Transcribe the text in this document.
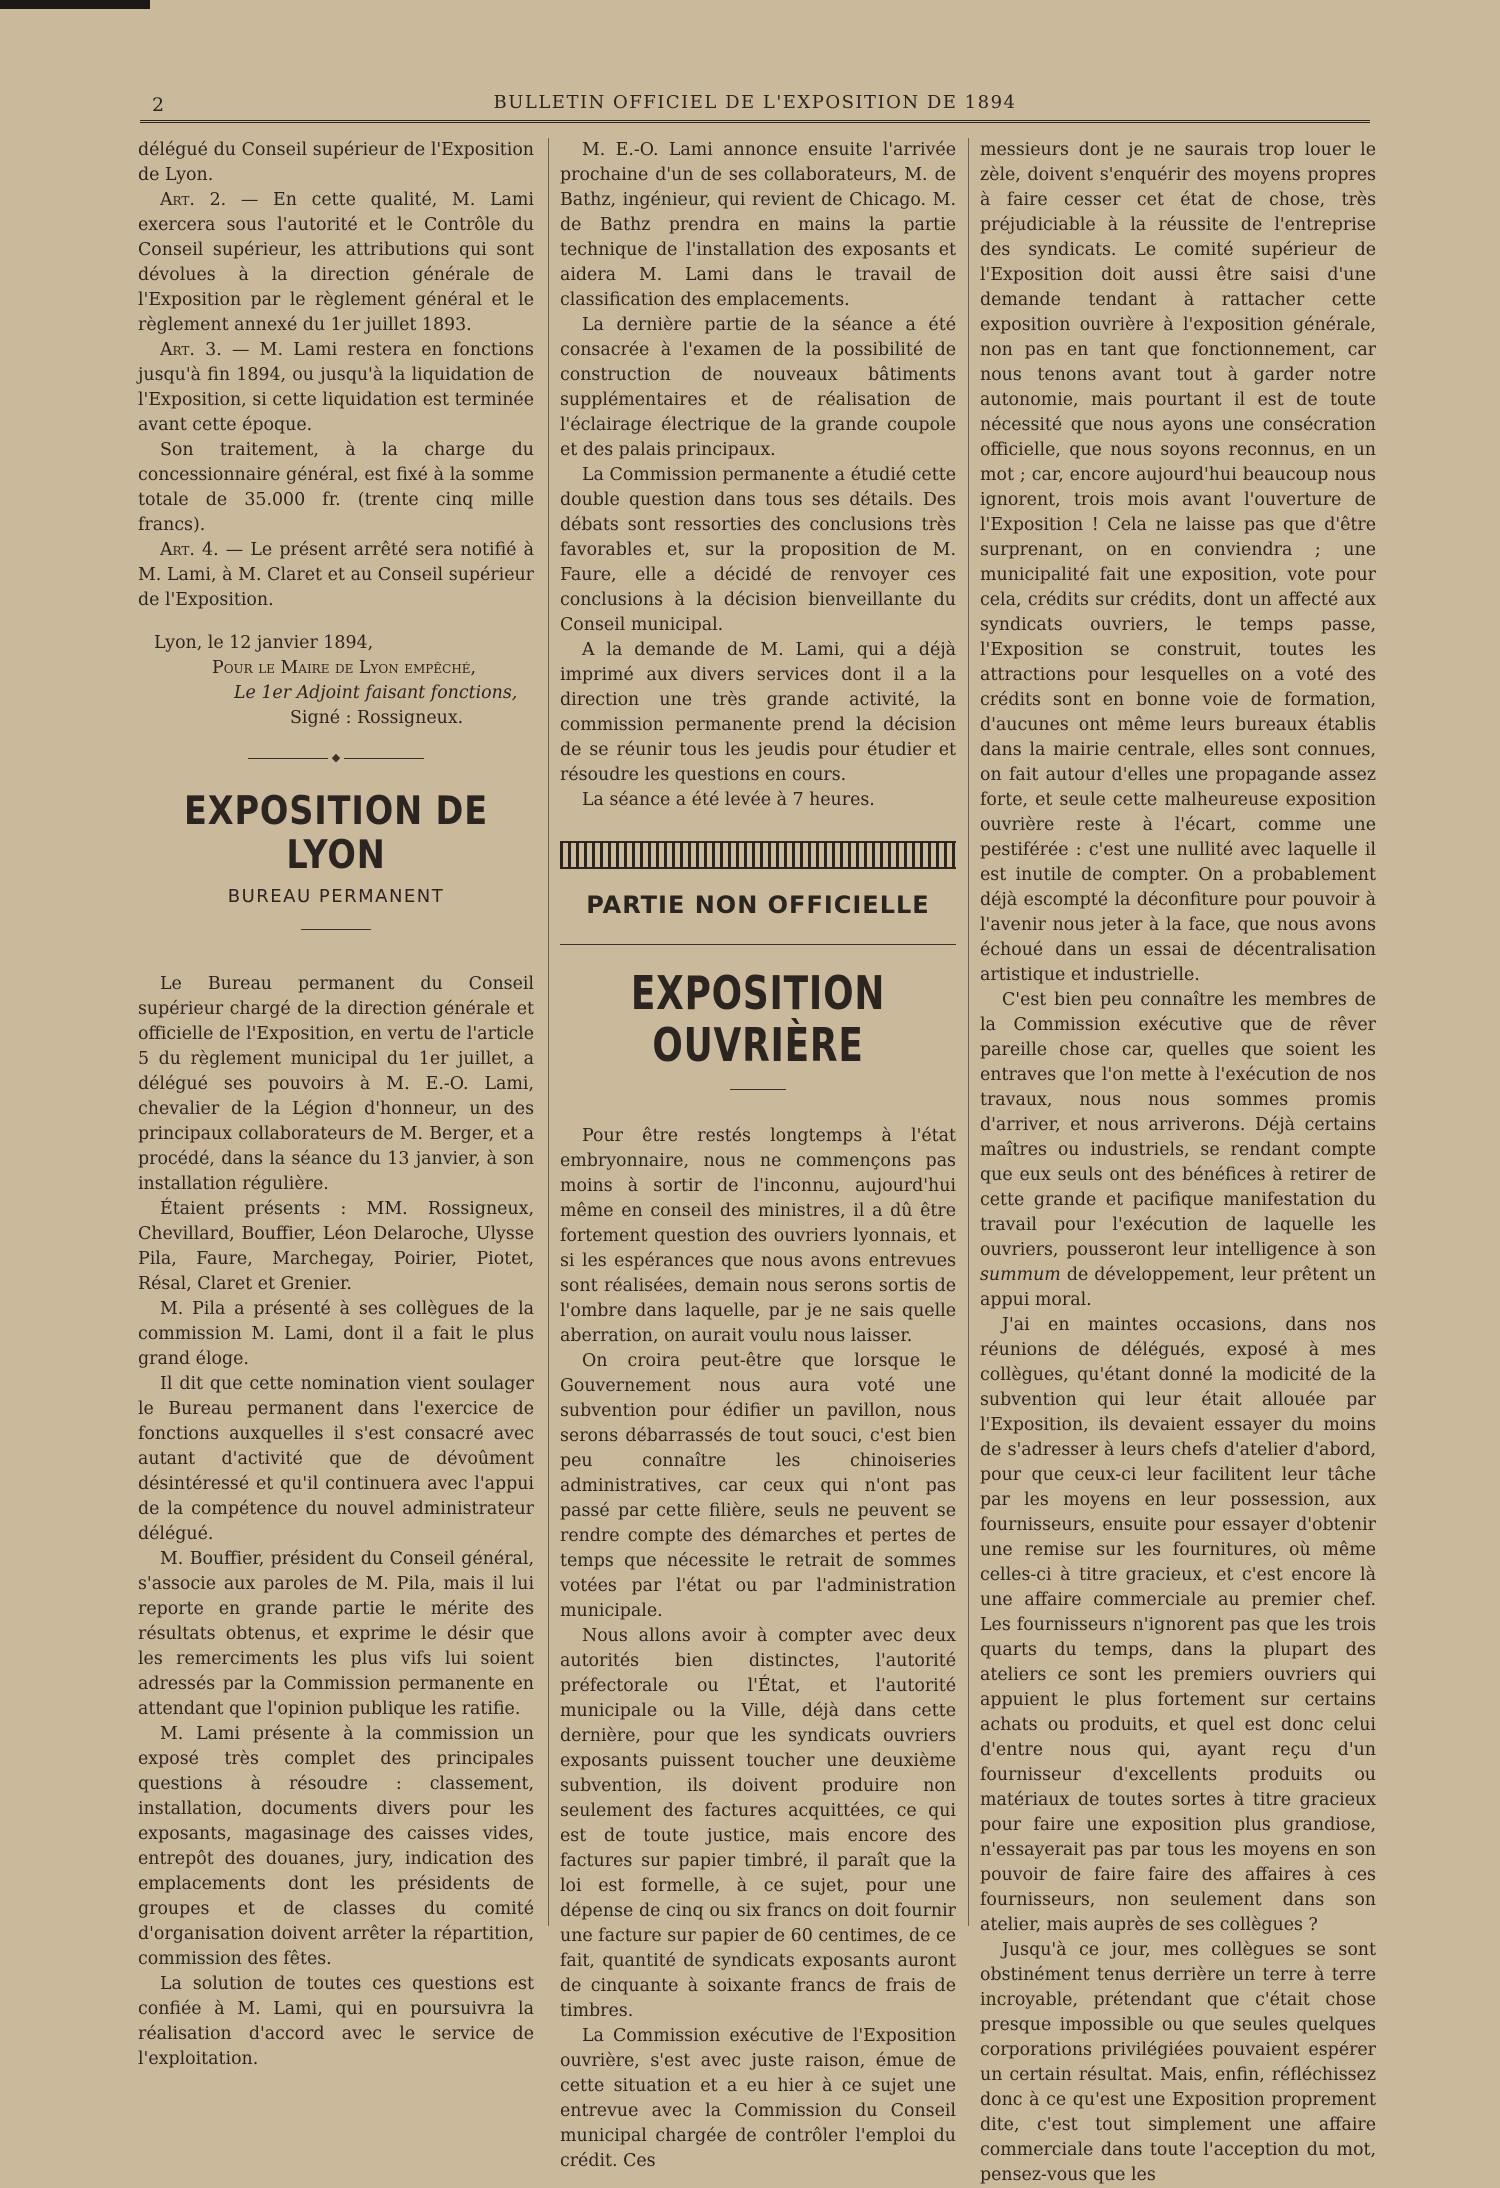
2	BULLETIN OFFICIEL DE L'EXPOSITION DE 1894

délégué du Conseil supérieur de l'Exposition de Lyon.

Art. 2. — En cette qualité, M. Lami exercera sous l'autorité et le Contrôle du Conseil supérieur, les attributions qui sont dévolues à la direction générale de l'Exposition par le règlement général et le règlement annexé du 1er juillet 1893.

Art. 3. — M. Lami restera en fonctions jusqu'à fin 1894, ou jusqu'à la liquidation de l'Exposition, si cette liquidation est terminée avant cette époque.

Son traitement, à la charge du concessionnaire général, est fixé à la somme totale de 35.000 fr. (trente cinq mille francs).

Art. 4. — Le présent arrêté sera notifié à M. Lami, à M. Claret et au Conseil supérieur de l'Exposition.

Lyon, le 12 janvier 1894,

Pour le Maire de Lyon empêché,

Le 1er Adjoint faisant fonctions,

Signé : Rossigneux.

◆
EXPOSITION DE LYON
BUREAU PERMANENT

Le Bureau permanent du Conseil supérieur chargé de la direction générale et officielle de l'Exposition, en vertu de l'article 5 du règlement municipal du 1er juillet, a délégué ses pouvoirs à M. E.-O. Lami, chevalier de la Légion d'honneur, un des principaux collaborateurs de M. Berger, et a procédé, dans la séance du 13 janvier, à son installation régulière.

Étaient présents : MM. Rossigneux, Chevillard, Bouffier, Léon Delaroche, Ulysse Pila, Faure, Marchegay, Poirier, Piotet, Résal, Claret et Grenier.

M. Pila a présenté à ses collègues de la commission M. Lami, dont il a fait le plus grand éloge.

Il dit que cette nomination vient soulager le Bureau permanent dans l'exercice de fonctions auxquelles il s'est consacré avec autant d'activité que de dévoûment désintéressé et qu'il continuera avec l'appui de la compétence du nouvel administrateur délégué.

M. Bouffier, président du Conseil général, s'associe aux paroles de M. Pila, mais il lui reporte en grande partie le mérite des résultats obtenus, et exprime le désir que les remerciments les plus vifs lui soient adressés par la Commission permanente en attendant que l'opinion publique les ratifie.

M. Lami présente à la commission un exposé très complet des principales questions à résoudre : classement, installation, documents divers pour les exposants, magasinage des caisses vides, entrepôt des douanes, jury, indication des emplacements dont les présidents de groupes et de classes du comité d'organisation doivent arrêter la répartition, commission des fêtes.

La solution de toutes ces questions est confiée à M. Lami, qui en poursuivra la réalisation d'accord avec le service de l'exploitation.

M. E.-O. Lami annonce ensuite l'arrivée prochaine d'un de ses collaborateurs, M. de Bathz, ingénieur, qui revient de Chicago. M. de Bathz prendra en mains la partie technique de l'installation des exposants et aidera M. Lami dans le travail de classification des emplacements.

La dernière partie de la séance a été consacrée à l'examen de la possibilité de construction de nouveaux bâtiments supplémentaires et de réalisation de l'éclairage électrique de la grande coupole et des palais principaux.

La Commission permanente a étudié cette double question dans tous ses détails. Des débats sont ressorties des conclusions très favorables et, sur la proposition de M. Faure, elle a décidé de renvoyer ces conclusions à la décision bienveillante du Conseil municipal.

A la demande de M. Lami, qui a déjà imprimé aux divers services dont il a la direction une très grande activité, la commission permanente prend la décision de se réunir tous les jeudis pour étudier et résoudre les questions en cours.

La séance a été levée à 7 heures.

PARTIE NON OFFICIELLE
EXPOSITION OUVRIÈRE

Pour être restés longtemps à l'état embryonnaire, nous ne commençons pas moins à sortir de l'inconnu, aujourd'hui même en conseil des ministres, il a dû être fortement question des ouvriers lyonnais, et si les espérances que nous avons entrevues sont réalisées, demain nous serons sortis de l'ombre dans laquelle, par je ne sais quelle aberration, on aurait voulu nous laisser.

On croira peut-être que lorsque le Gouvernement nous aura voté une subvention pour édifier un pavillon, nous serons débarrassés de tout souci, c'est bien peu connaître les chinoiseries administratives, car ceux qui n'ont pas passé par cette filière, seuls ne peuvent se rendre compte des démarches et pertes de temps que nécessite le retrait de sommes votées par l'état ou par l'administration municipale.

Nous allons avoir à compter avec deux autorités bien distinctes, l'autorité préfectorale ou l'État, et l'autorité municipale ou la Ville, déjà dans cette dernière, pour que les syndicats ouvriers exposants puissent toucher une deuxième subvention, ils doivent produire non seulement des factures acquittées, ce qui est de toute justice, mais encore des factures sur papier timbré, il paraît que la loi est formelle, à ce sujet, pour une dépense de cinq ou six francs on doit fournir une facture sur papier de 60 centimes, de ce fait, quantité de syndicats exposants auront de cinquante à soixante francs de frais de timbres.

La Commission exécutive de l'Exposition ouvrière, s'est avec juste raison, émue de cette situation et a eu hier à ce sujet une entrevue avec la Commission du Conseil municipal chargée de contrôler l'emploi du crédit. Ces

messieurs dont je ne saurais trop louer le zèle, doivent s'enquérir des moyens propres à faire cesser cet état de chose, très préjudiciable à la réussite de l'entreprise des syndicats. Le comité supérieur de l'Exposition doit aussi être saisi d'une demande tendant à rattacher cette exposition ouvrière à l'exposition générale, non pas en tant que fonctionnement, car nous tenons avant tout à garder notre autonomie, mais pourtant il est de toute nécessité que nous ayons une consécration officielle, que nous soyons reconnus, en un mot ; car, encore aujourd'hui beaucoup nous ignorent, trois mois avant l'ouverture de l'Exposition ! Cela ne laisse pas que d'être surprenant, on en conviendra ; une municipalité fait une exposition, vote pour cela, crédits sur crédits, dont un affecté aux syndicats ouvriers, le temps passe, l'Exposition se construit, toutes les attractions pour lesquelles on a voté des crédits sont en bonne voie de formation, d'aucunes ont même leurs bureaux établis dans la mairie centrale, elles sont connues, on fait autour d'elles une propagande assez forte, et seule cette malheureuse exposition ouvrière reste à l'écart, comme une pestiférée : c'est une nullité avec laquelle il est inutile de compter. On a probablement déjà escompté la déconfiture pour pouvoir à l'avenir nous jeter à la face, que nous avons échoué dans un essai de décentralisation artistique et industrielle.

C'est bien peu connaître les membres de la Commission exécutive que de rêver pareille chose car, quelles que soient les entraves que l'on mette à l'exécution de nos travaux, nous nous sommes promis d'arriver, et nous arriverons. Déjà certains maîtres ou industriels, se rendant compte que eux seuls ont des bénéfices à retirer de cette grande et pacifique manifestation du travail pour l'exécution de laquelle les ouvriers, pousseront leur intelligence à son summum de développement, leur prêtent un appui moral.

J'ai en maintes occasions, dans nos réunions de délégués, exposé à mes collègues, qu'étant donné la modicité de la subvention qui leur était allouée par l'Exposition, ils devaient essayer du moins de s'adresser à leurs chefs d'atelier d'abord, pour que ceux-ci leur facilitent leur tâche par les moyens en leur possession, aux fournisseurs, ensuite pour essayer d'obtenir une remise sur les fournitures, où même celles-ci à titre gracieux, et c'est encore là une affaire commerciale au premier chef. Les fournisseurs n'ignorent pas que les trois quarts du temps, dans la plupart des ateliers ce sont les premiers ouvriers qui appuient le plus fortement sur certains achats ou produits, et quel est donc celui d'entre nous qui, ayant reçu d'un fournisseur d'excellents produits ou matériaux de toutes sortes à titre gracieux pour faire une exposition plus grandiose, n'essayerait pas par tous les moyens en son pouvoir de faire faire des affaires à ces fournisseurs, non seulement dans son atelier, mais auprès de ses collègues ?

Jusqu'à ce jour, mes collègues se sont obstinément tenus derrière un terre à terre incroyable, prétendant que c'était chose presque impossible ou que seules quelques corporations privilégiées pouvaient espérer un certain résultat. Mais, enfin, réfléchissez donc à ce qu'est une Exposition proprement dite, c'est tout simplement une affaire commerciale dans toute l'acception du mot, pensez-vous que les
